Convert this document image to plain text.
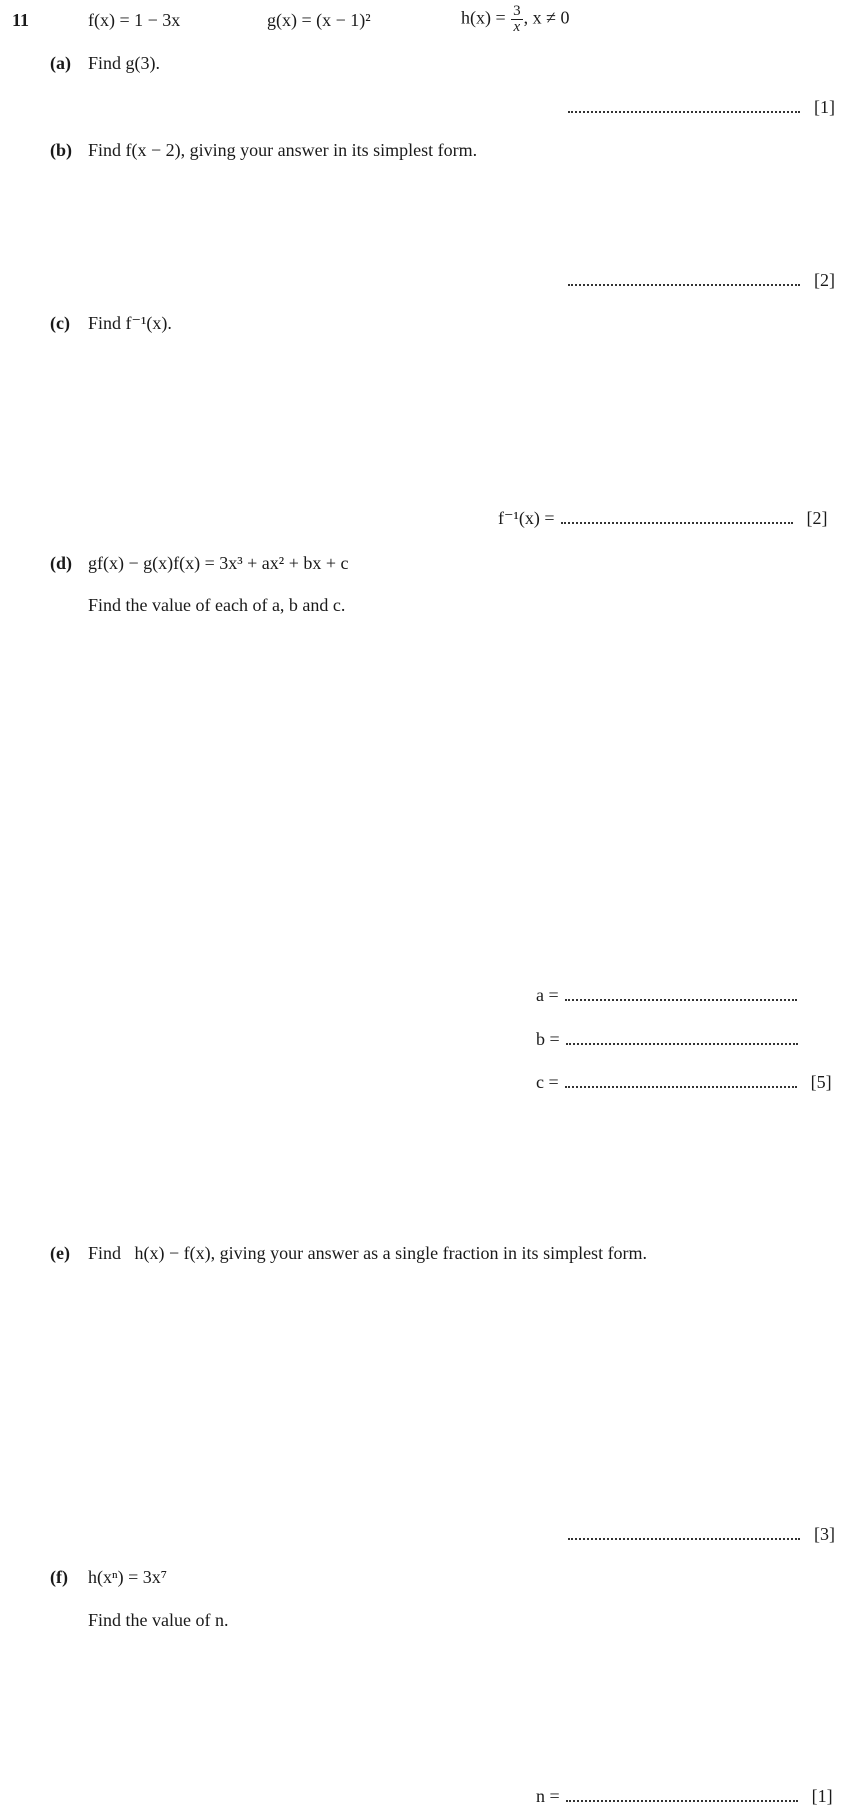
11	f(x) = 1 − 3x	g(x) = (x − 1)²	$h(x) = \frac{3}{x}$ , x ≠ 0
(a) Find g(3).
[1]
(b) Find f(x − 2), giving your answer in its simplest form.
[2]
(c) Find f⁻¹(x).
f⁻¹(x) =	[2]
(d) gf(x) − g(x)f(x) = 3x³ + ax² + bx + c
Find the value of each of a, b and c.
a =
b =
c =	[5]
(e) Find   h(x) − f(x), giving your answer as a single fraction in its simplest form.
[3]
(f) h(xⁿ) = 3x⁷
Find the value of n.
n =	[1]
